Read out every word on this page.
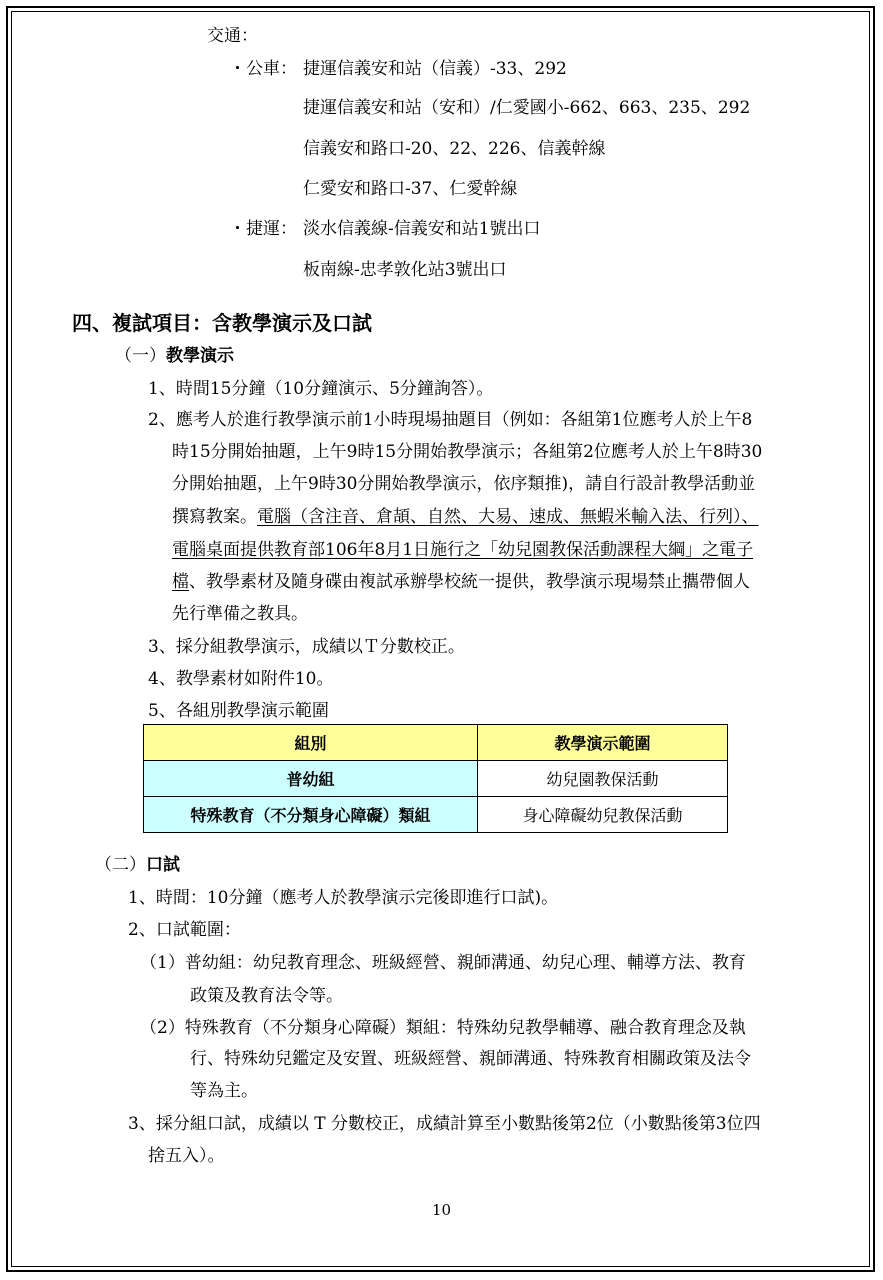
交通：
・公車： 捷運信義安和站（信義）-33、292
捷運信義安和站（安和）/仁愛國小-662、663、235、292
信義安和路口-20、22、226、信義幹線
仁愛安和路口-37、仁愛幹線
・捷運： 淡水信義線-信義安和站1號出口
板南線-忠孝敦化站3號出口
四、複試項目：含教學演示及口試
（一）教學演示
1、時間15分鐘（10分鐘演示、5分鐘詢答）。
2、應考人於進行教學演示前1小時現場抽題目（例如：各組第1位應考人於上午8
時15分開始抽題，上午9時15分開始教學演示；各組第2位應考人於上午8時30
分開始抽題，上午9時30分開始教學演示，依序類推)，請自行設計教學活動並
撰寫教案。電腦（含注音、倉頡、自然、大易、速成、無蝦米輸入法、行列）、
電腦桌面提供教育部106年8月1日施行之「幼兒園教保活動課程大綱」之電子
檔、教學素材及隨身碟由複試承辦學校統一提供，教學演示現場禁止攜帶個人
先行準備之教具。
3、採分組教學演示，成績以Ｔ分數校正。
4、教學素材如附件10。
5、各組別教學演示範圍
組別	教學演示範圍
普幼組	幼兒園教保活動
特殊教育（不分類身心障礙）類組	身心障礙幼兒教保活動
（二）口試
1、時間：10分鐘（應考人於教學演示完後即進行口試)。
2、口試範圍：
（1）普幼組：幼兒教育理念、班級經營、親師溝通、幼兒心理、輔導方法、教育
政策及教育法令等。
（2）特殊教育（不分類身心障礙）類組：特殊幼兒教學輔導、融合教育理念及執
行、特殊幼兒鑑定及安置、班級經營、親師溝通、特殊教育相關政策及法令
等為主。
3、採分組口試，成績以 T 分數校正，成績計算至小數點後第2位（小數點後第3位四
捨五入）。
10
